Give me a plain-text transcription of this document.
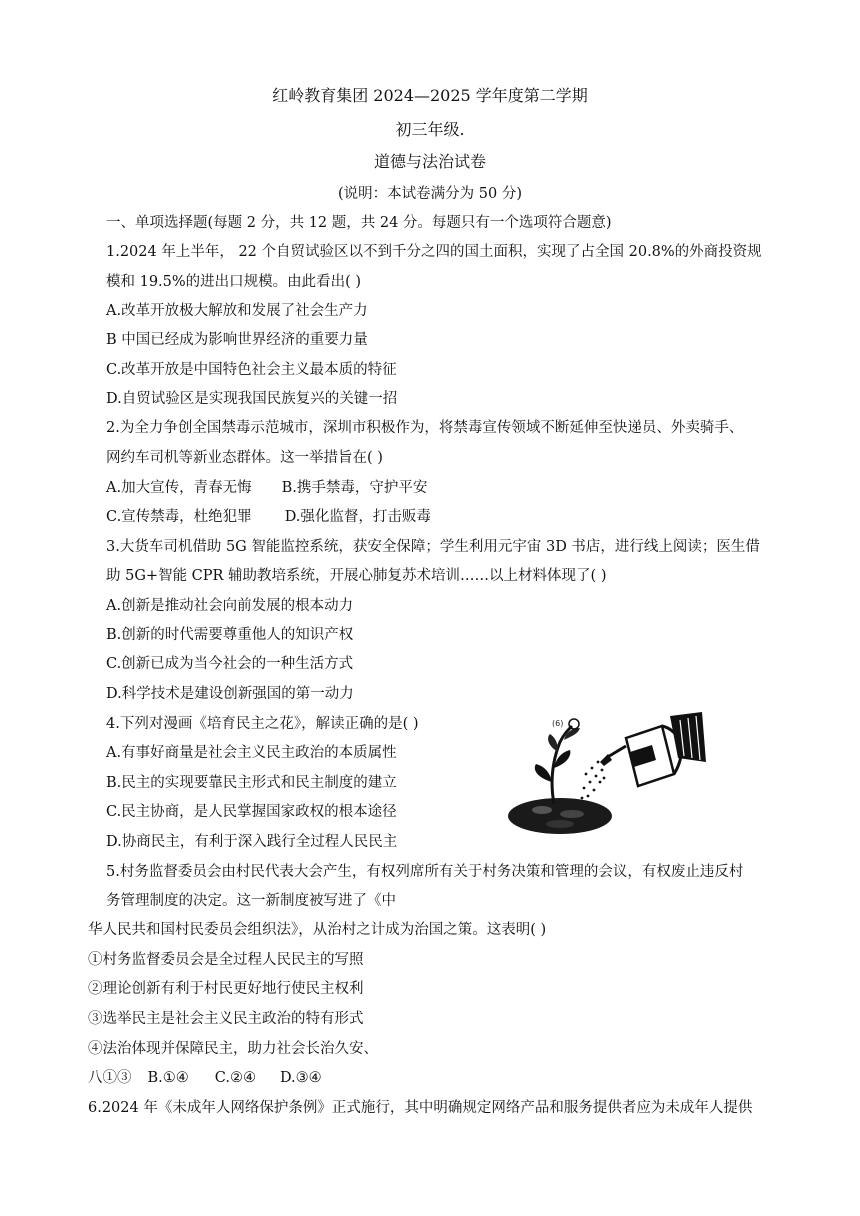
红岭教育集团 2024—2025 学年度第二学期
初三年级.
道德与法治试卷
(说明：本试卷满分为 50 分)
一、单项选择题(每题 2 分，共 12 题，共 24 分。每题只有一个选项符合题意)
1.2024 年上半年， 22 个自贸试验区以不到千分之四的国土面积，实现了占全国 20.8%的外商投资规
模和 19.5%的进出口规模。由此看出( )
A.改革开放极大解放和发展了社会生产力
B 中国已经成为影响世界经济的重要力量
C.改革开放是中国特色社会主义最本质的特征
D.自贸试验区是实现我国民族复兴的关键一招
2.为全力争创全国禁毒示范城市，深圳市积极作为，将禁毒宣传领域不断延伸至快递员、外卖骑手、
网约车司机等新业态群体。这一举措旨在( )
A.加大宣传，青春无悔 B.携手禁毒，守护平安
C.宣传禁毒，杜绝犯罪 D.强化监督，打击贩毒
3.大货车司机借助 5G 智能监控系统，获安全保障；学生利用元宇宙 3D 书店，进行线上阅读；医生借
助 5G+智能 CPR 辅助教培系统，开展心肺复苏术培训……以上材料体现了( )
A.创新是推动社会向前发展的根本动力
B.创新的时代需要尊重他人的知识产权
C.创新已成为当今社会的一种生活方式
D.科学技术是建设创新强国的第一动力
4.下列对漫画《培育民主之花》，解读正确的是( )
A.有事好商量是社会主义民主政治的本质属性
B.民主的实现要靠民主形式和民主制度的建立
C.民主协商，是人民掌握国家政权的根本途径
D.协商民主，有利于深入践行全过程人民民主
(6)
5.村务监督委员会由村民代表大会产生，有权列席所有关于村务决策和管理的会议，有权废止违反村
务管理制度的决定。这一新制度被写进了《中
华人民共和国村民委员会组织法》，从治村之计成为治国之策。这表明( )
①村务监督委员会是全过程人民民主的写照
②理论创新有利于村民更好地行使民主权利
③选举民主是社会主义民主政治的特有形式
④法治体现并保障民主，助力社会长治久安、
八①③ B.①④ C.②④ D.③④
6.2024 年《未成年人网络保护条例》正式施行，其中明确规定网络产品和服务提供者应为未成年人提供
